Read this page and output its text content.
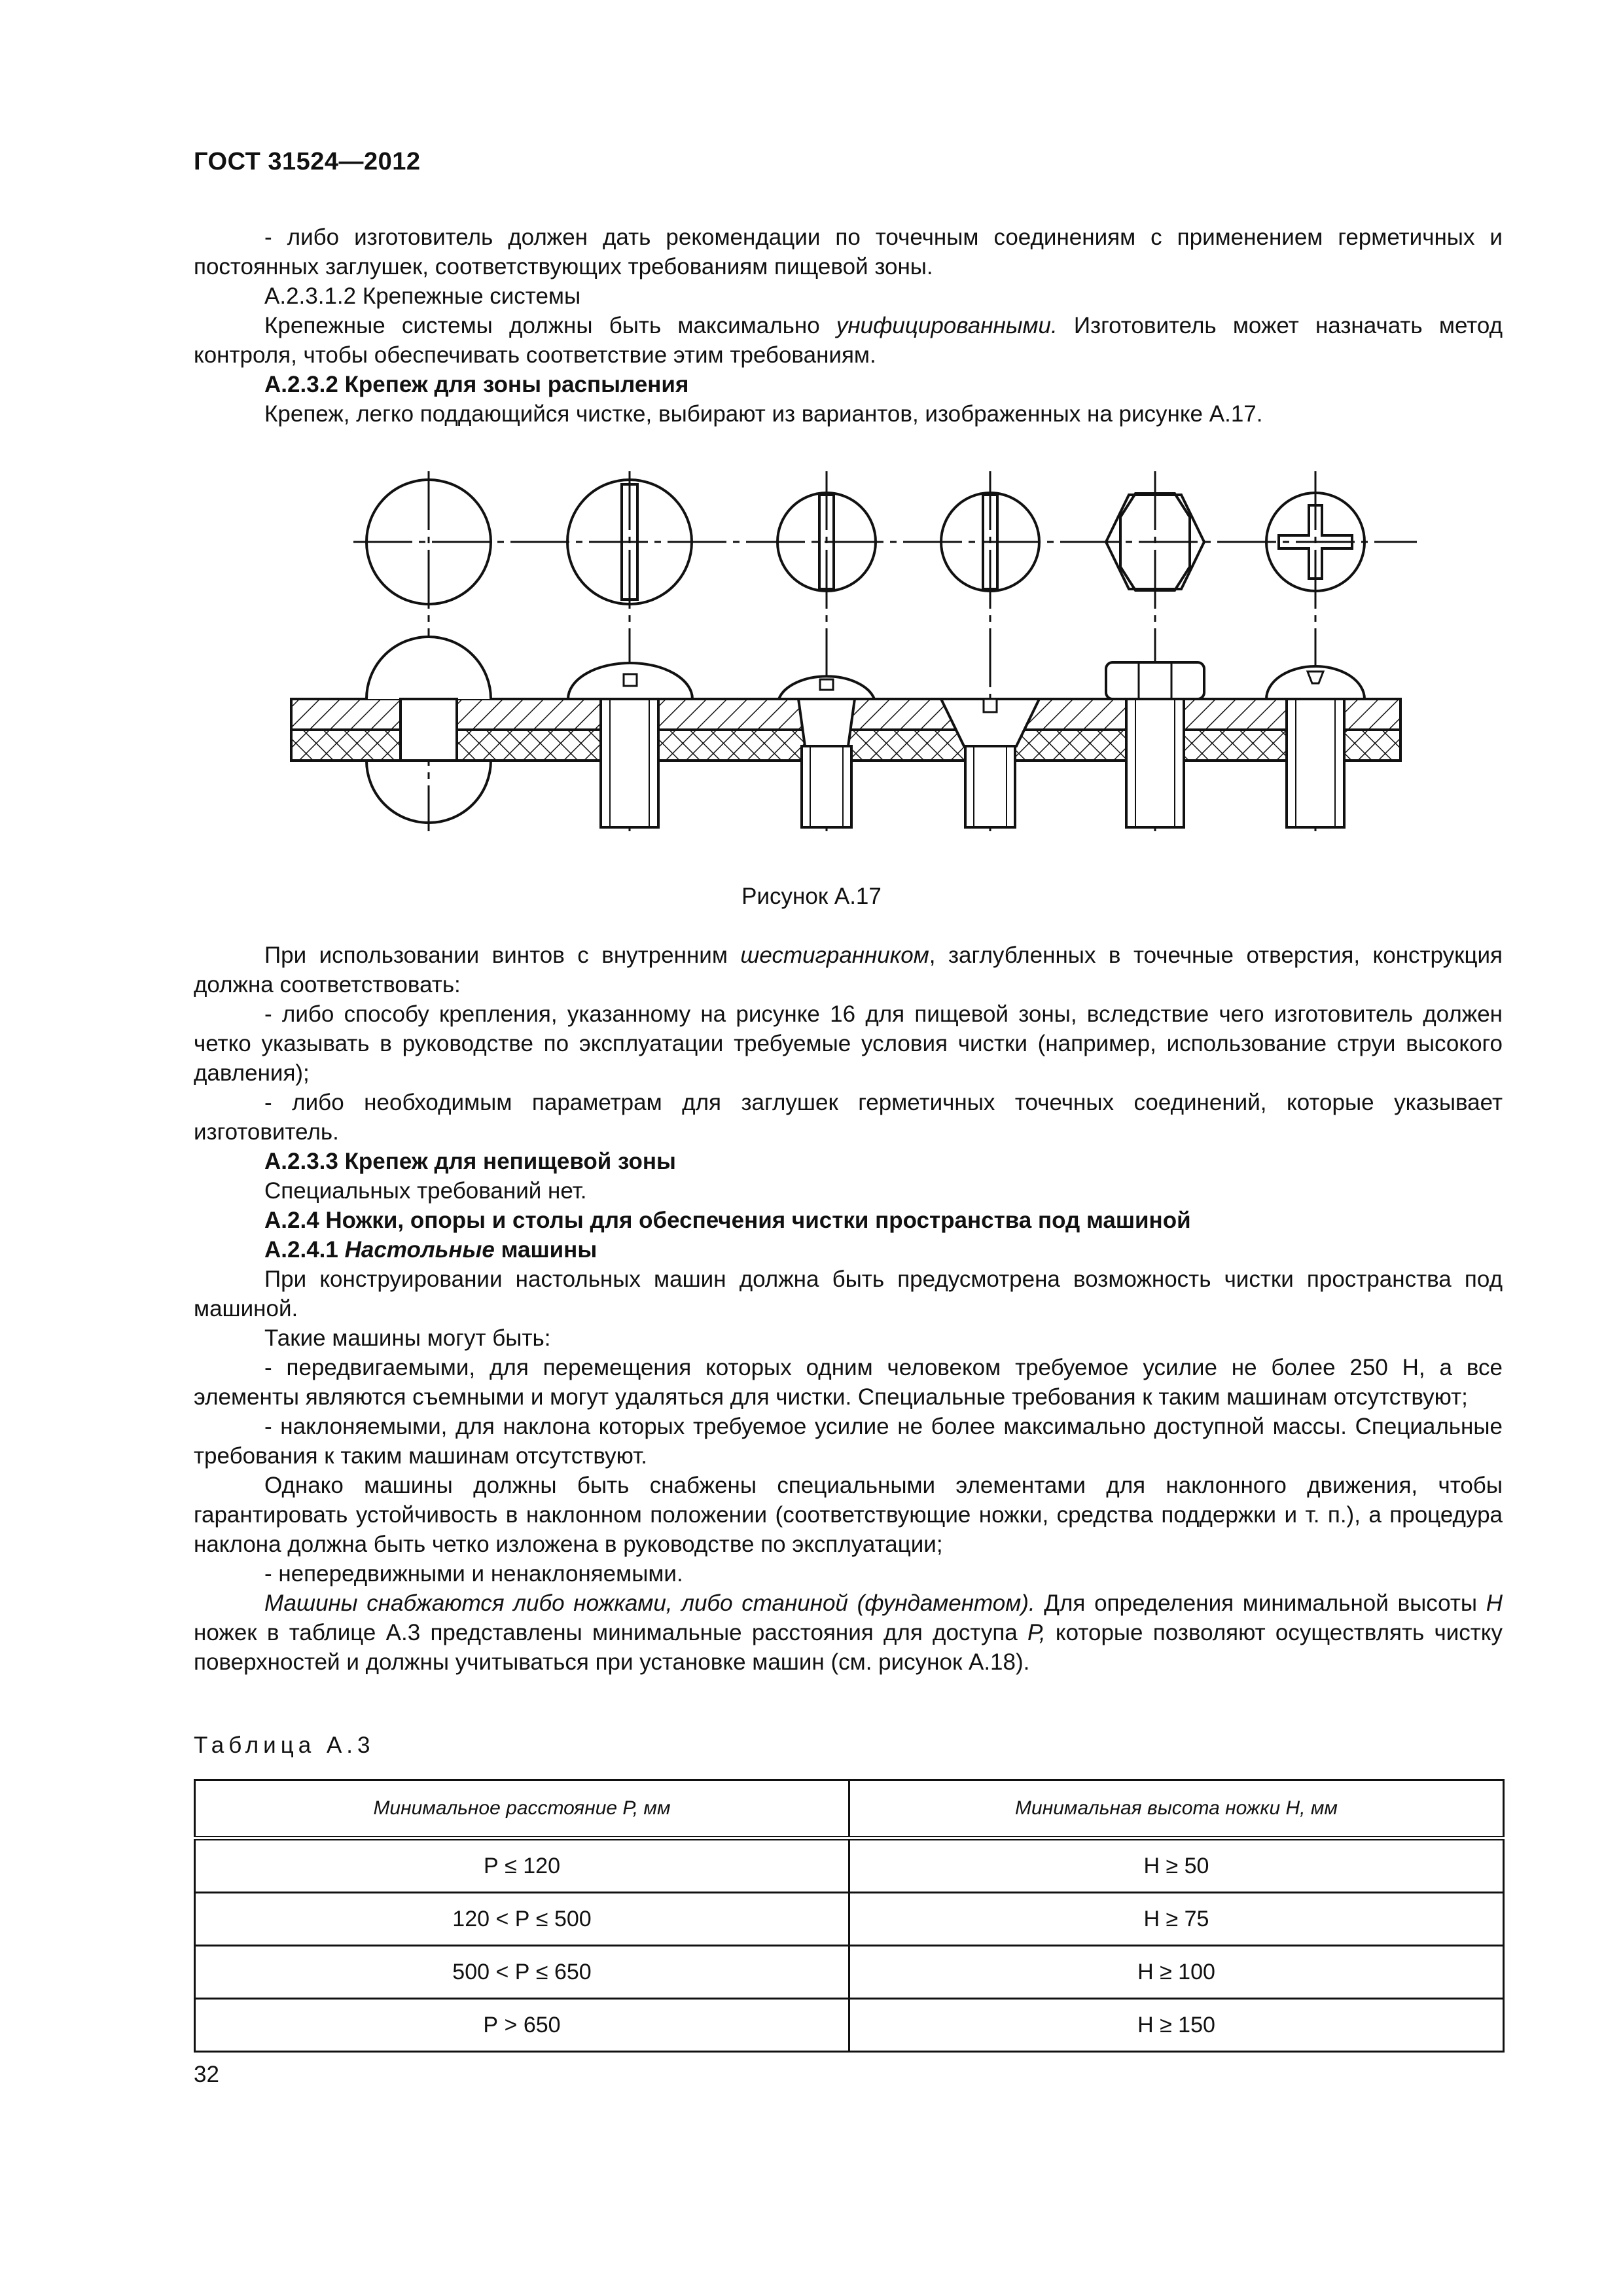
ГОСТ 31524—2012

- либо изготовитель должен дать рекомендации по точечным соединениям с применением герметичных и постоянных заглушек, соответствующих требованиям пищевой зоны.

А.2.3.1.2 Крепежные системы

Крепежные системы должны быть максимально унифицированными. Изготовитель может назначать метод контроля, чтобы обеспечивать соответствие этим требованиям.

А.2.3.2 Крепеж для зоны распыления

Крепеж, легко поддающийся чистке, выбирают из вариантов, изображенных на рисунке А.17.

Рисунок А.17

При использовании винтов с внутренним шестигранником, заглубленных в точечные отверстия, конструкция должна соответствовать:

- либо способу крепления, указанному на рисунке 16 для пищевой зоны, вследствие чего изготовитель должен четко указывать в руководстве по эксплуатации требуемые условия чистки (например, использование струи высокого давления);

- либо необходимым параметрам для заглушек герметичных точечных соединений, которые указывает изготовитель.

А.2.3.3 Крепеж для непищевой зоны

Специальных требований нет.

А.2.4 Ножки, опоры и столы для обеспечения чистки пространства под машиной

А.2.4.1 Настольные машины

При конструировании настольных машин должна быть предусмотрена возможность чистки пространства под машиной.

Такие машины могут быть:

- передвигаемыми, для перемещения которых одним человеком требуемое усилие не более 250 Н, а все элементы являются съемными и могут удаляться для чистки. Специальные требования к таким машинам отсутствуют;

- наклоняемыми, для наклона которых требуемое усилие не более максимально доступной массы. Специальные требования к таким машинам отсутствуют.

Однако машины должны быть снабжены специальными элементами для наклонного движения, чтобы гарантировать устойчивость в наклонном положении (соответствующие ножки, средства поддержки и т. п.), а процедура наклона должна быть четко изложена в руководстве по эксплуатации;

- непередвижными и ненаклоняемыми.

Машины снабжаются либо ножками, либо станиной (фундаментом). Для определения минимальной высоты Н ножек в таблице А.3 представлены минимальные расстояния для доступа Р, которые позволяют осуществлять чистку поверхностей и должны учитываться при установке машин (см. рисунок А.18).

Таблица А.3
Минимальное расстояние Р, мм	Минимальная высота ножки Н, мм
Р ≤ 120	Н ≥ 50
120 < Р ≤ 500	Н ≥ 75
500 < Р ≤ 650	Н ≥ 100
Р > 650	Н ≥ 150
32
